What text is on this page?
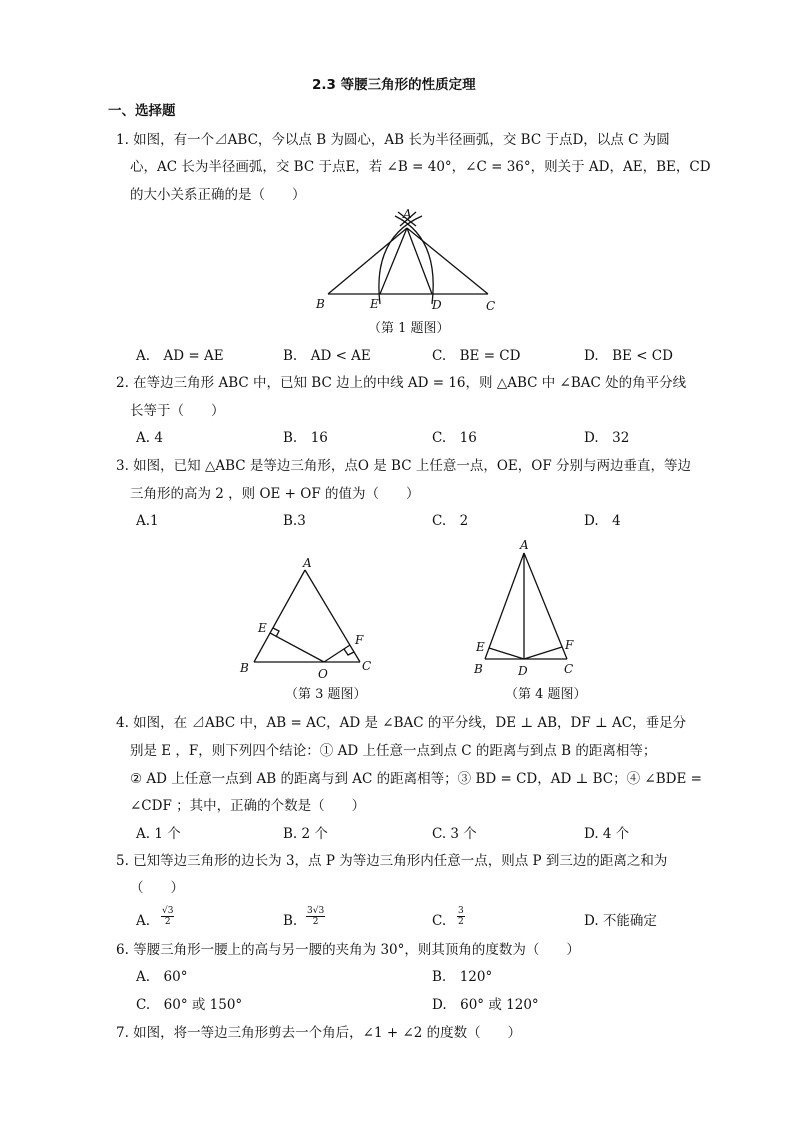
2.3 等腰三角形的性质定理
一、选择题
1. 如图，有一个⊿ABC，今以点 B 为圆心，AB 长为半径画弧，交 BC 于点D，以点 C 为圆
心，AC 长为半径画弧，交 BC 于点E，若 ∠B = 40°，∠C = 36°，则关于 AD，AE，BE，CD
的大小关系正确的是（　　）
A
B	E	D	C
（第 1 题图）
A.　AD = AE	B.　AD < AE	C.　BE = CD	D.　BE < CD
2. 在等边三角形 ABC 中，已知 BC 边上的中线 AD = 16，则 △ABC 中 ∠BAC 处的角平分线
长等于（　　）
A. 4	B.　16	C.　16	D.　32
3. 如图，已知 △ABC 是等边三角形，点O 是 BC 上任意一点，OE，OF 分别与两边垂直，等边
三角形的高为 2 ，则 OE + OF 的值为（　　）
A.1	B.3	C.　2	D.　4
A
E
F
B	O
C
（第 3 题图）
A
E	F
B	D	C
（第 4 题图）
4. 如图，在 ⊿ABC 中，AB = AC，AD 是 ∠BAC 的平分线，DE ⊥ AB，DF ⊥ AC，垂足分
别是 E ，F，则下列四个结论：① AD 上任意一点到点 C 的距离与到点 B 的距离相等；
② AD 上任意一点到 AB 的距离与到 AC 的距离相等；③ BD = CD，AD ⊥ BC；④ ∠BDE =
∠CDF ；其中，正确的个数是（　　）
A. 1 个	B. 2 个	C. 3 个	D. 4 个
5. 已知等边三角形的边长为 3，点 P 为等边三角形内任意一点，则点 P 到三边的距离之和为
（　　）
A. $\frac{√3}{2}$	B. $\frac{3√3}{2}$	C. $\frac{3}{2}$	D. 不能确定
6. 等腰三角形一腰上的高与另一腰的夹角为 30°，则其顶角的度数为（　　）
A.　60°	B.　120°
C.　60° 或 150°	D.　60° 或 120°
7. 如图，将一等边三角形剪去一个角后，∠1 + ∠2 的度数（　　）
